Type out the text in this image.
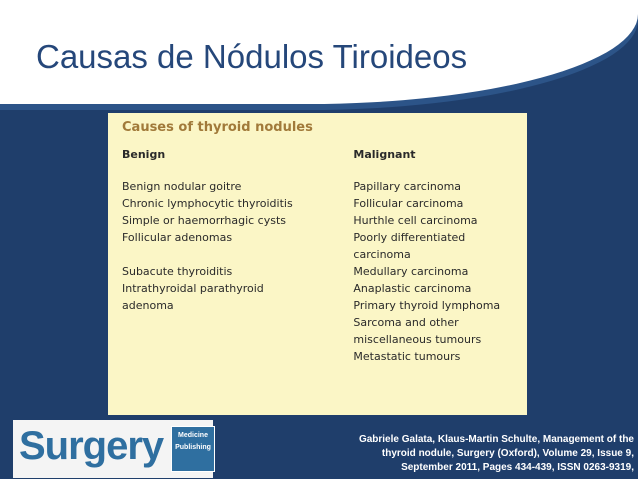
Causas de Nódulos Tiroideos
Causes of thyroid nodules
Benign
Benign nodular goitre
Chronic lymphocytic thyroiditis
Simple or haemorrhagic cysts
Follicular adenomas
Subacute thyroiditis
Intrathyroidal parathyroid
adenoma
Malignant
Papillary carcinoma
Follicular carcinoma
Hurthle cell carcinoma
Poorly differentiated
carcinoma
Medullary carcinoma
Anaplastic carcinoma
Primary thyroid lymphoma
Sarcoma and other
miscellaneous tumours
Metastatic tumours
Surgery	Medicine
Publishing
Gabriele Galata, Klaus-Martin Schulte, Management of the thyroid nodule, Surgery (Oxford), Volume 29, Issue 9, September 2011, Pages 434-439, ISSN 0263-9319,
